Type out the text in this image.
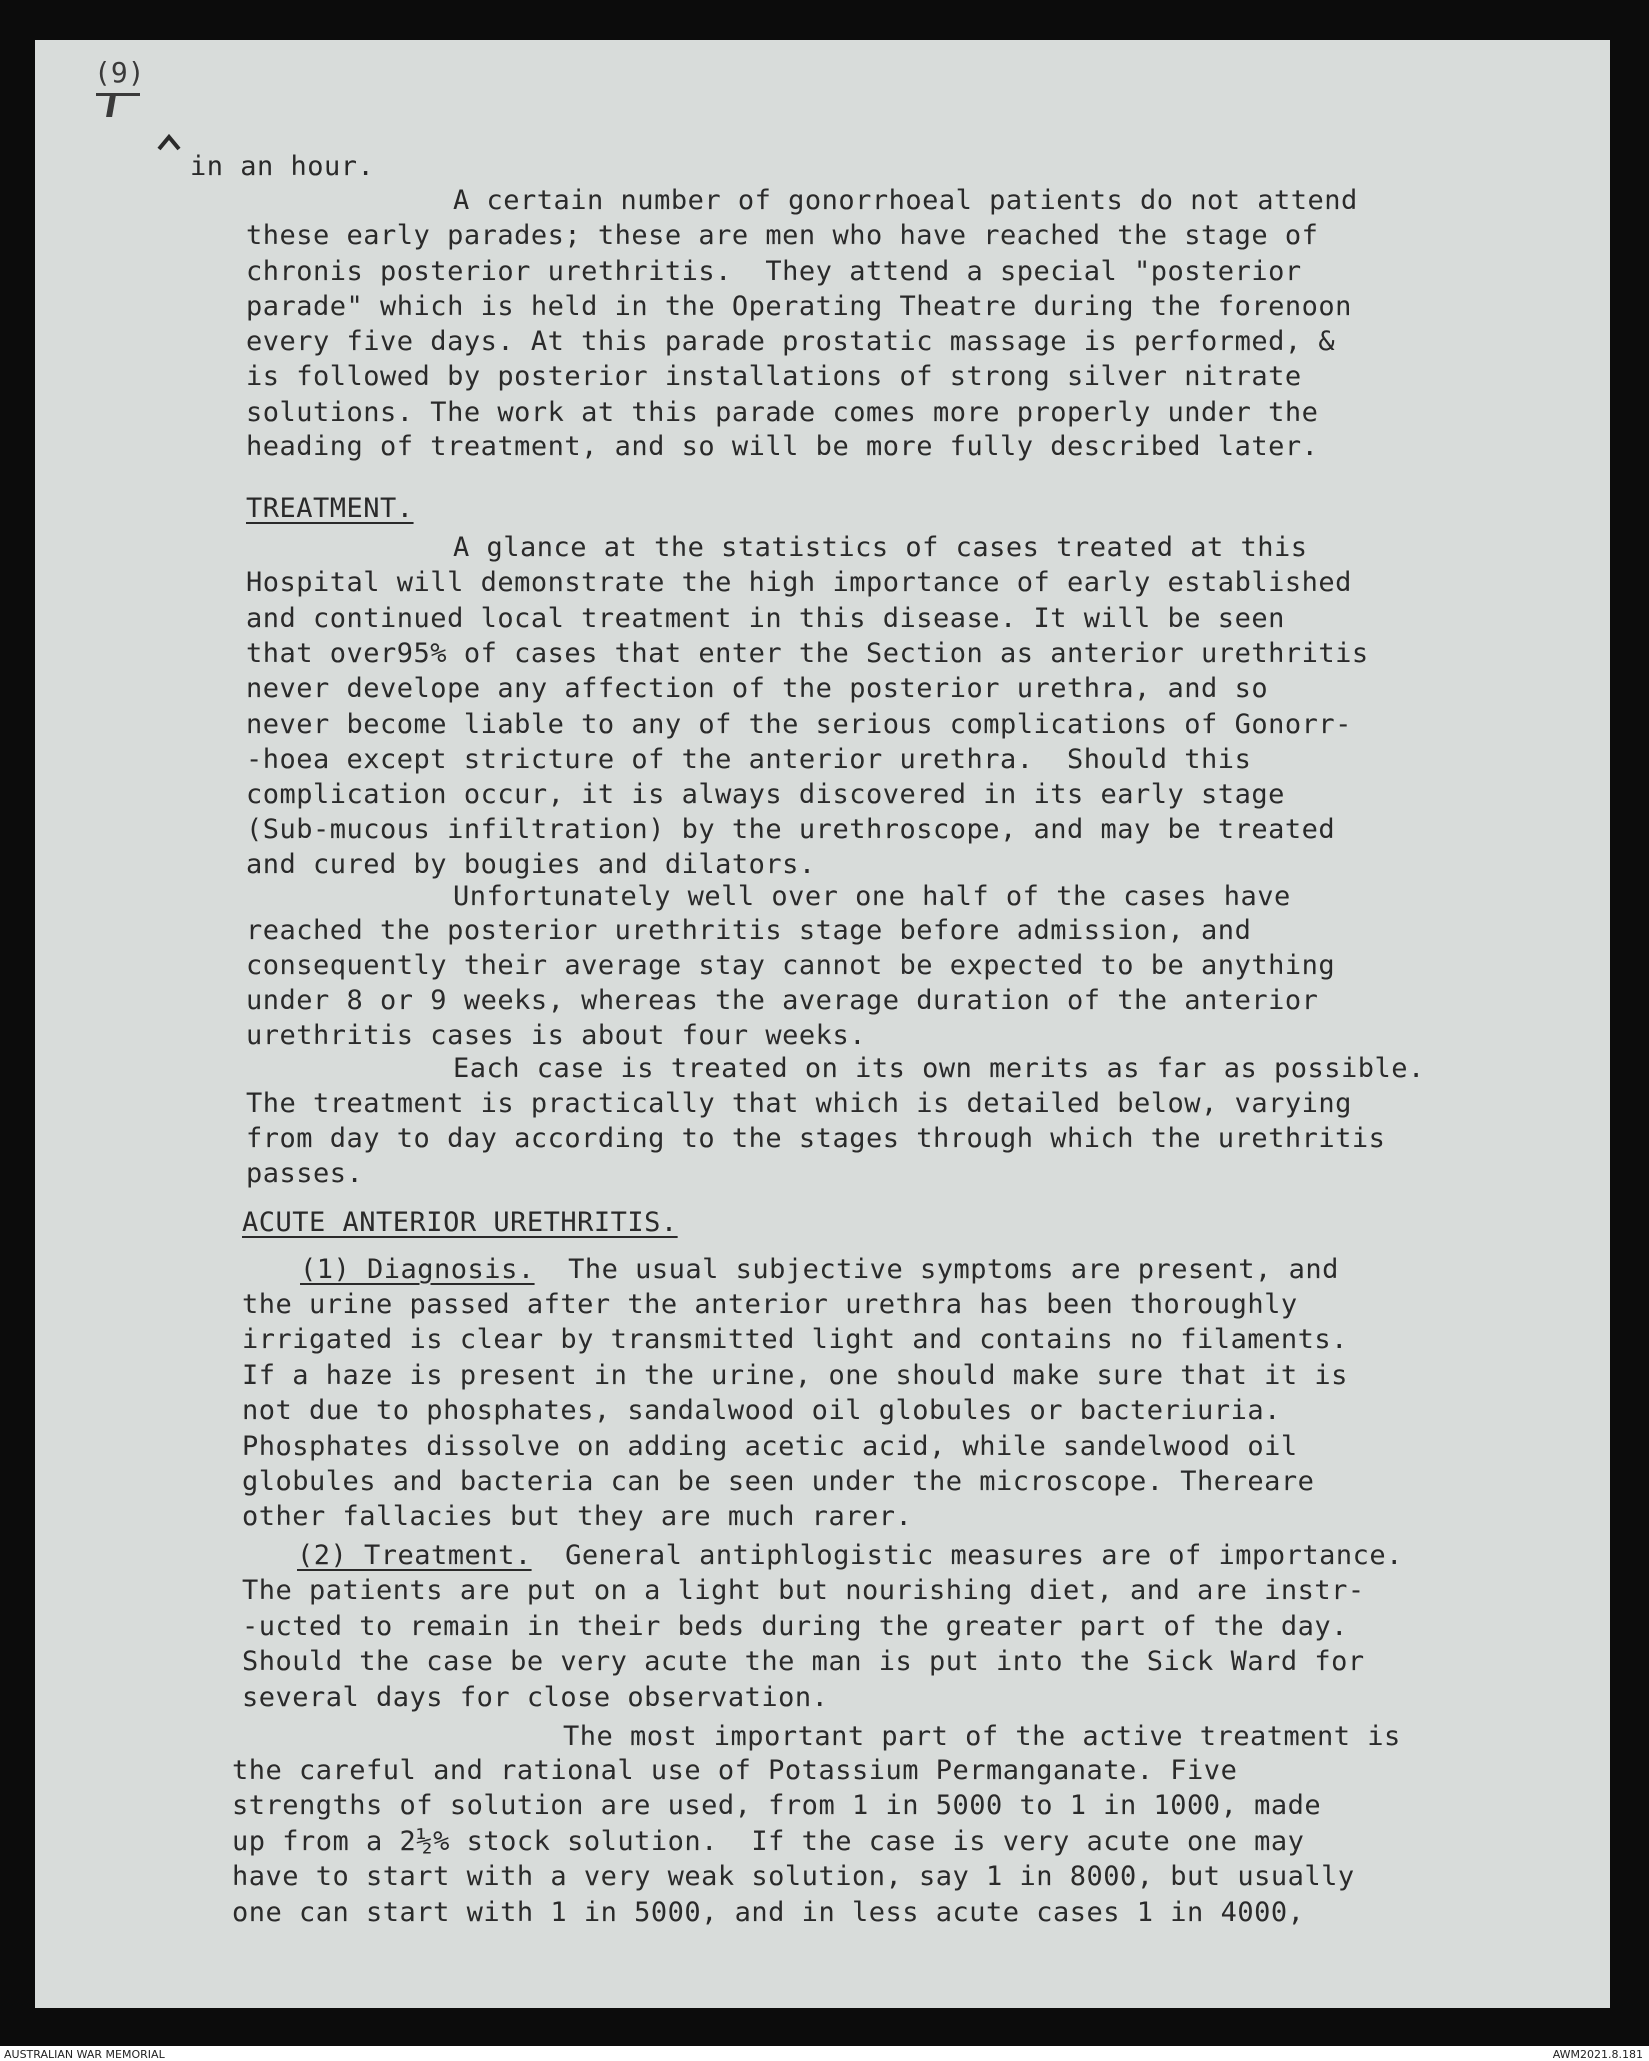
(9)
in an hour.
A certain number of gonorrhoeal patients do not attend
these early parades; these are men who have reached the stage of
chronis posterior urethritis.  They attend a special "posterior
parade" which is held in the Operating Theatre during the forenoon
every five days. At this parade prostatic massage is performed, &
is followed by posterior installations of strong silver nitrate
solutions. The work at this parade comes more properly under the
heading of treatment, and so will be more fully described later.
TREATMENT.
A glance at the statistics of cases treated at this
Hospital will demonstrate the high importance of early established
and continued local treatment in this disease. It will be seen
that over95% of cases that enter the Section as anterior urethritis
never develope any affection of the posterior urethra, and so
never become liable to any of the serious complications of Gonorr-
-hoea except stricture of the anterior urethra.  Should this
complication occur, it is always discovered in its early stage
(Sub-mucous infiltration) by the urethroscope, and may be treated
and cured by bougies and dilators.
Unfortunately well over one half of the cases have
reached the posterior urethritis stage before admission, and
consequently their average stay cannot be expected to be anything
under 8 or 9 weeks, whereas the average duration of the anterior
urethritis cases is about four weeks.
Each case is treated on its own merits as far as possible.
The treatment is practically that which is detailed below, varying
from day to day according to the stages through which the urethritis
passes.
ACUTE ANTERIOR URETHRITIS.
(1) Diagnosis.  The usual subjective symptoms are present, and
the urine passed after the anterior urethra has been thoroughly
irrigated is clear by transmitted light and contains no filaments.
If a haze is present in the urine, one should make sure that it is
not due to phosphates, sandalwood oil globules or bacteriuria.
Phosphates dissolve on adding acetic acid, while sandelwood oil
globules and bacteria can be seen under the microscope. Thereare
other fallacies but they are much rarer.
(2) Treatment.  General antiphlogistic measures are of importance.
The patients are put on a light but nourishing diet, and are instr-
-ucted to remain in their beds during the greater part of the day.
Should the case be very acute the man is put into the Sick Ward for
several days for close observation.
The most important part of the active treatment is
the careful and rational use of Potassium Permanganate. Five
strengths of solution are used, from 1 in 5000 to 1 in 1000, made
up from a 2½% stock solution.  If the case is very acute one may
have to start with a very weak solution, say 1 in 8000, but usually
one can start with 1 in 5000, and in less acute cases 1 in 4000,
AUSTRALIAN WAR MEMORIAL	AWM2021.8.181
